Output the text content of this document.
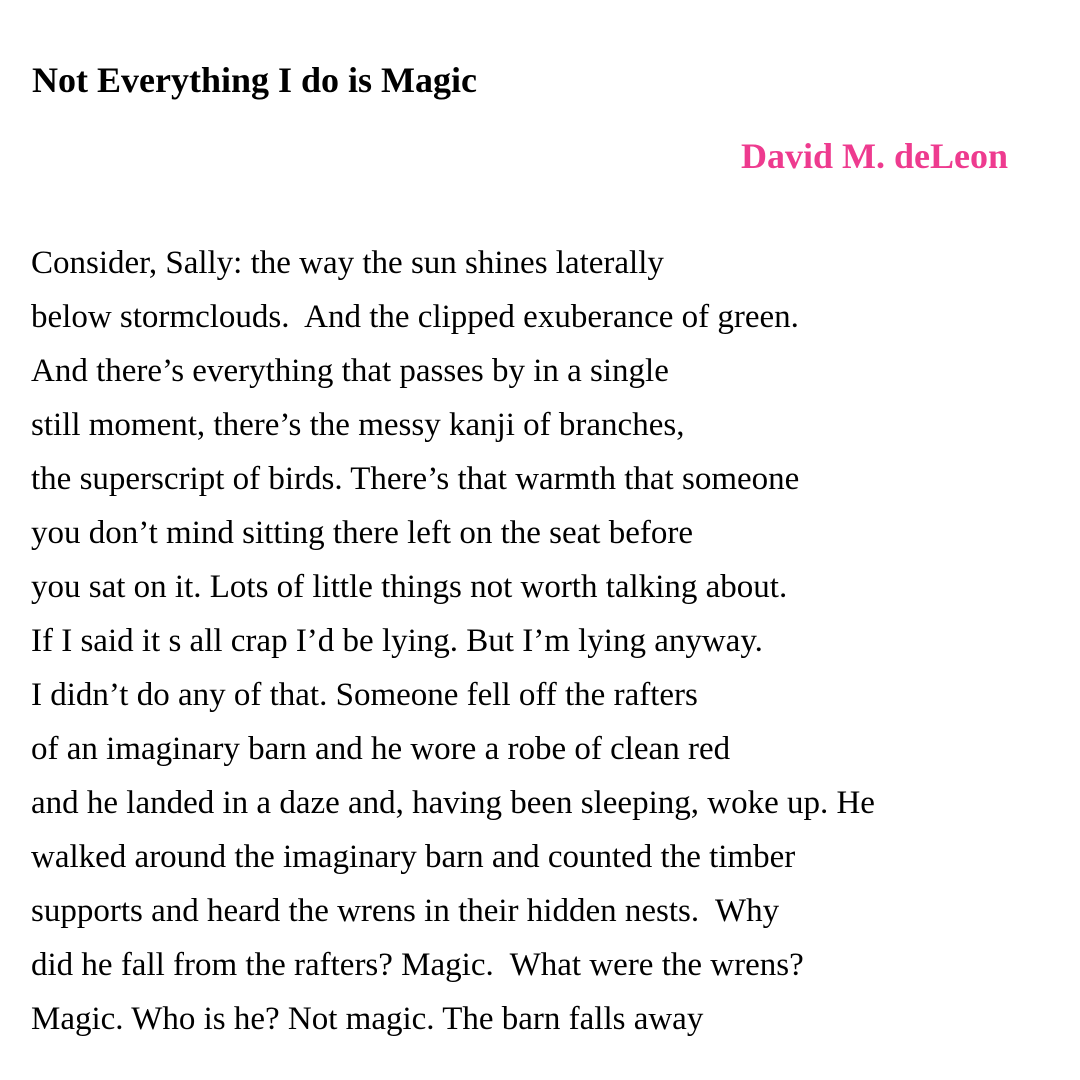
Not Everything I do is Magic
David M. deLeon
Consider, Sally: the way the sun shines laterally
below stormclouds.  And the clipped exuberance of green.
And there’s everything that passes by in a single
still moment, there’s the messy kanji of branches,
the superscript of birds. There’s that warmth that someone
you don’t mind sitting there left on the seat before
you sat on it. Lots of little things not worth talking about.
If I said it s all crap I’d be lying. But I’m lying anyway.
I didn’t do any of that. Someone fell off the rafters
of an imaginary barn and he wore a robe of clean red
and he landed in a daze and, having been sleeping, woke up. He
walked around the imaginary barn and counted the timber
supports and heard the wrens in their hidden nests.  Why
did he fall from the rafters? Magic.  What were the wrens?
Magic. Who is he? Not magic. The barn falls away
